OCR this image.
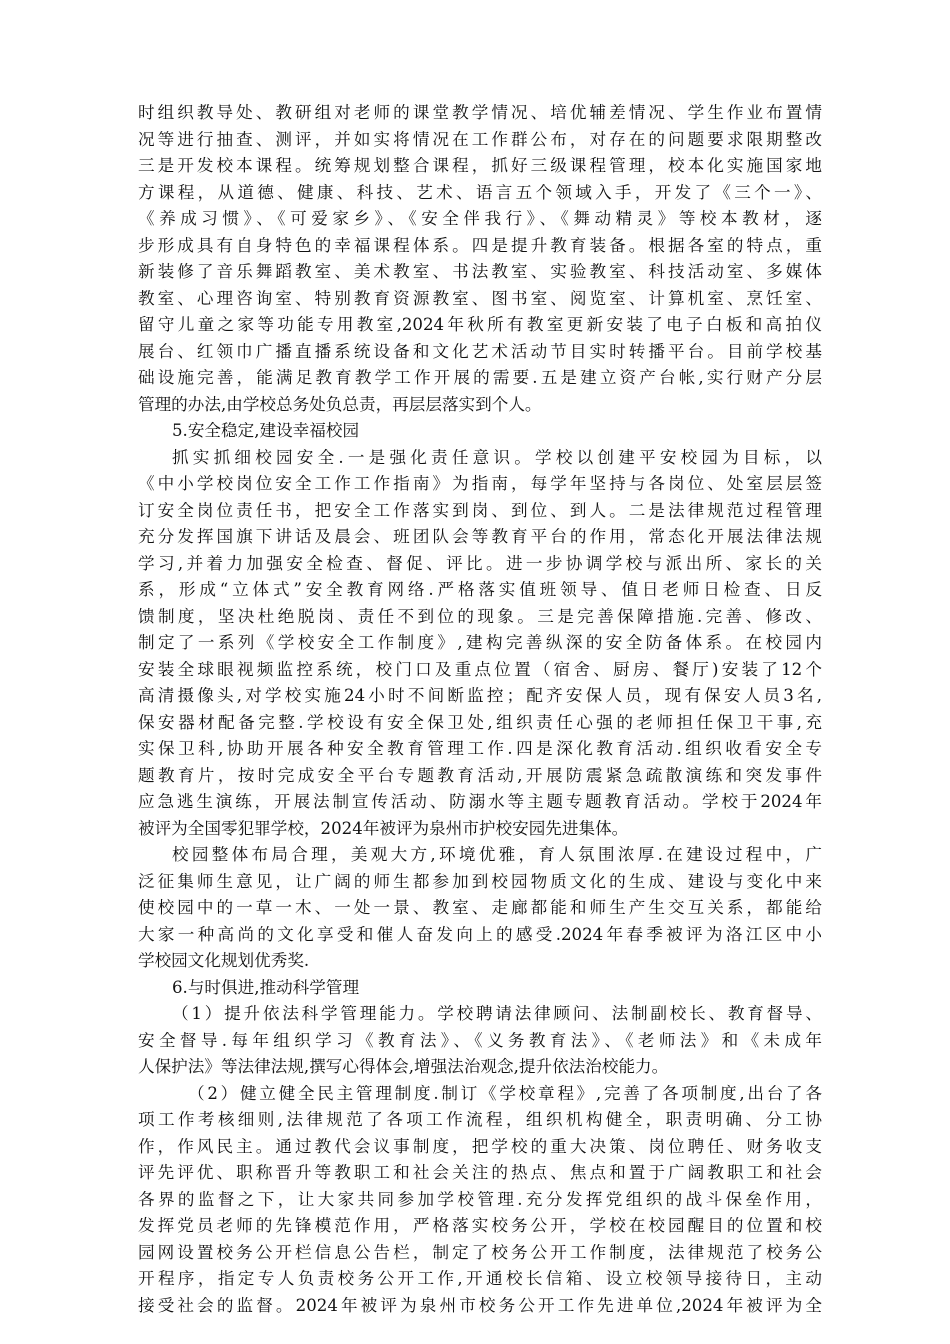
时组织教导处、教研组对老师的课堂教学情况、培优辅差情况、学生作业布置情
况等进行抽查、测评，并如实将情况在工作群公布，对存在的问题要求限期整改
三是开发校本课程。统筹规划整合课程，抓好三级课程管理，校本化实施国家地
方课程，从道德、健康、科技、艺术、语言五个领域入手，开发了《三个一》、
《养成习惯》、《可爱家乡》、《安全伴我行》、《舞动精灵》等校本教材，逐
步形成具有自身特色的幸福课程体系。四是提升教育装备。根据各室的特点，重
新装修了音乐舞蹈教室、美术教室、书法教室、实验教室、科技活动室、多媒体
教室、心理咨询室、特别教育资源教室、图书室、阅览室、计算机室、烹饪室、
留守儿童之家等功能专用教室,2024年秋所有教室更新安装了电子白板和高拍仪
展台、红领巾广播直播系统设备和文化艺术活动节目实时转播平台。目前学校基
础设施完善，能满足教育教学工作开展的需要.五是建立资产台帐,实行财产分层
管理的办法,由学校总务处负总责，再层层落实到个人。
5.安全稳定,建设幸福校园
抓实抓细校园安全.一是强化责任意识。学校以创建平安校园为目标，以
《中小学校岗位安全工作工作指南》为指南，每学年坚持与各岗位、处室层层签
订安全岗位责任书，把安全工作落实到岗、到位、到人。二是法律规范过程管理
充分发挥国旗下讲话及晨会、班团队会等教育平台的作用，常态化开展法律法规
学习,并着力加强安全检查、督促、评比。进一步协调学校与派出所、家长的关
系，形成“立体式”安全教育网络.严格落实值班领导、值日老师日检查、日反
馈制度，坚决杜绝脱岗、责任不到位的现象。三是完善保障措施.完善、修改、
制定了一系列《学校安全工作制度》,建构完善纵深的安全防备体系。在校园内
安装全球眼视频监控系统，校门口及重点位置（宿舍、厨房、餐厅)安装了12个
高清摄像头,对学校实施24小时不间断监控；配齐安保人员，现有保安人员3名,
保安器材配备完整.学校设有安全保卫处,组织责任心强的老师担任保卫干事,充
实保卫科,协助开展各种安全教育管理工作.四是深化教育活动.组织收看安全专
题教育片，按时完成安全平台专题教育活动,开展防震紧急疏散演练和突发事件
应急逃生演练，开展法制宣传活动、防溺水等主题专题教育活动。学校于2024年
被评为全国零犯罪学校，2024年被评为泉州市护校安园先进集体。
校园整体布局合理，美观大方,环境优雅，育人氛围浓厚.在建设过程中，广
泛征集师生意见，让广阔的师生都参加到校园物质文化的生成、建设与变化中来
使校园中的一草一木、一处一景、教室、走廊都能和师生产生交互关系，都能给
大家一种高尚的文化享受和催人奋发向上的感受.2024年春季被评为洛江区中小
学校园文化规划优秀奖.
6.与时俱进,推动科学管理
（1）提升依法科学管理能力。学校聘请法律顾问、法制副校长、教育督导、
安全督导.每年组织学习《教育法》、《义务教育法》、《老师法》和《未成年
人保护法》等法律法规,撰写心得体会,增强法治观念,提升依法治校能力。
（2）健立健全民主管理制度.制订《学校章程》,完善了各项制度,出台了各
项工作考核细则,法律规范了各项工作流程，组织机构健全，职责明确、分工协
作，作风民主。通过教代会议事制度，把学校的重大决策、岗位聘任、财务收支
评先评优、职称晋升等教职工和社会关注的热点、焦点和置于广阔教职工和社会
各界的监督之下，让大家共同参加学校管理.充分发挥党组织的战斗保垒作用，
发挥党员老师的先锋模范作用，严格落实校务公开，学校在校园醒目的位置和校
园网设置校务公开栏信息公告栏，制定了校务公开工作制度，法律规范了校务公
开程序，指定专人负责校务公开工作,开通校长信箱、设立校领导接待日，主动
接受社会的监督。2024年被评为泉州市校务公开工作先进单位,2024年被评为全
